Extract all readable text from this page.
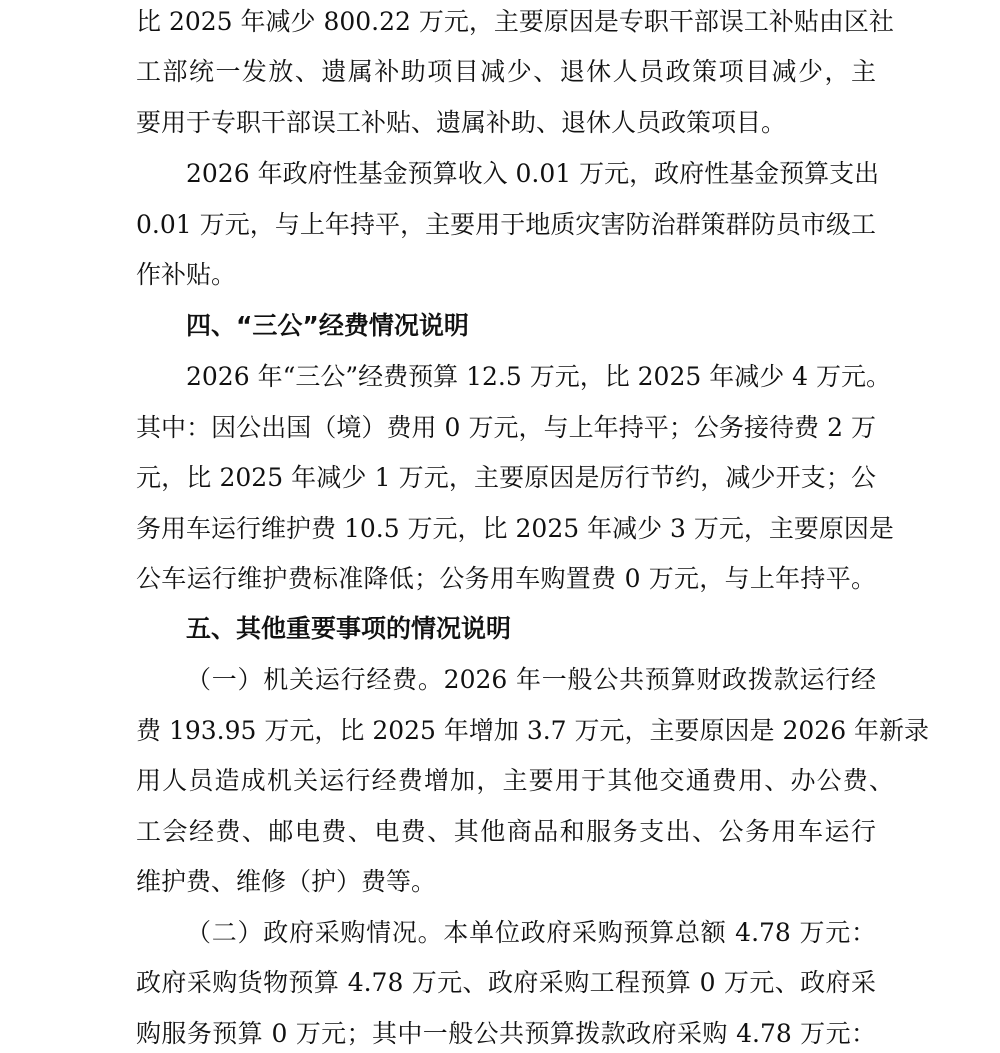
比 2025 年减少 800.22 万元，主要原因是专职干部误工补贴由区社
工部统一发放、遗属补助项目减少、退休人员政策项目减少，主
要用于专职干部误工补贴、遗属补助、退休人员政策项目。
2026 年政府性基金预算收入 0.01 万元，政府性基金预算支出
0.01 万元，与上年持平，主要用于地质灾害防治群策群防员市级工
作补贴。
四、“三公”经费情况说明
2026 年“三公”经费预算 12.5 万元，比 2025 年减少 4 万元。
其中：因公出国（境）费用 0 万元，与上年持平；公务接待费 2 万
元，比 2025 年减少 1 万元，主要原因是厉行节约，减少开支；公
务用车运行维护费 10.5 万元，比 2025 年减少 3 万元，主要原因是
公车运行维护费标准降低；公务用车购置费 0 万元，与上年持平。
五、其他重要事项的情况说明
（一）机关运行经费。2026 年一般公共预算财政拨款运行经
费 193.95 万元，比 2025 年增加 3.7 万元，主要原因是 2026 年新录
用人员造成机关运行经费增加，主要用于其他交通费用、办公费、
工会经费、邮电费、电费、其他商品和服务支出、公务用车运行
维护费、维修（护）费等。
（二）政府采购情况。本单位政府采购预算总额 4.78 万元：
政府采购货物预算 4.78 万元、政府采购工程预算 0 万元、政府采
购服务预算 0 万元；其中一般公共预算拨款政府采购 4.78 万元：
